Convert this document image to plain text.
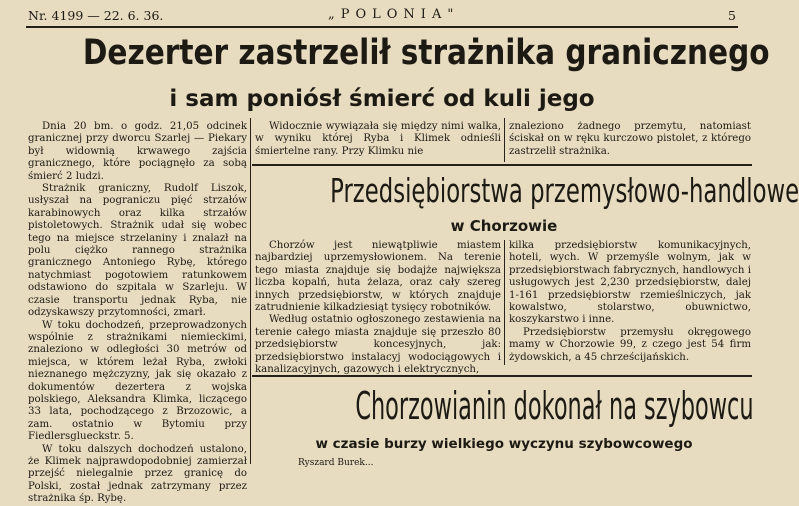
Nr. 4199 — 22. 6. 36.	„POLONIA"	5
Dezerter zastrzelił strażnika granicznego
i sam poniósł śmierć od kuli jego

Dnia 20 bm. o godz. 21,05 odcinek granicznej przy dworcu Szarlej — Piekary był widownią krwawego zajścia granicznego, które pociągnęło za sobą śmierć 2 ludzi.

Strażnik graniczny, Rudolf Liszok, usłyszał na pograniczu pięć strzałów karabinowych oraz kilka strzałów pistoletowych. Strażnik udał się wobec tego na miejsce strzelaniny i znalazł na polu ciężko rannego strażnika granicznego Antoniego Rybę, którego natychmiast pogotowiem ratunkowem odstawiono do szpitala w Szarleju. W czasie transportu jednak Ryba, nie odzyskawszy przytomności, zmarł.

W toku dochodzeń, przeprowadzonych wspólnie z strażnikami niemieckimi, znaleziono w odległości 30 metrów od miejsca, w którem leżał Ryba, zwłoki nieznanego mężczyzny, jak się okazało z dokumentów dezertera z wojska polskiego, Aleksandra Klimka, liczącego 33 lata, pochodzącego z Brzozowic, a zam. ostatnio w Bytomiu przy Fiedlersglueckstr. 5.

W toku dalszych dochodzeń ustalono, że Klimek najprawdopodobniej zamierzał przejść nielegalnie przez granicę do Polski, został jednak zatrzymany przez strażnika śp. Rybę.

Widocznie wywiązała się między nimi walka, w wyniku której Ryba i Klimek odnieśli śmiertelne rany. Przy Klimku nie

znaleziono żadnego przemytu, natomiast ściskał on w ręku kurczowo pistolet, z którego zastrzelił strażnika.

Przedsiębiorstwa przemysłowo-handlowe
w Chorzowie

Chorzów jest niewątpliwie miastem najbardziej uprzemysłowionem. Na terenie tego miasta znajduje się bodajże największa liczba kopalń, huta żelaza, oraz cały szereg innych przedsiębiorstw, w których znajduje zatrudnienie kilkadziesiąt tysięcy robotników.

Według ostatnio ogłoszonego zestawienia na terenie całego miasta znajduje się przeszło 80 przedsiębiorstw koncesyjnych, jak: przedsiębiorstwo instalacyj wodociągowych i kanalizacyjnych, gazowych i elektrycznych,

kilka przedsiębiorstw komunikacyjnych, hoteli, wych. W przemyśle wolnym, jak w przedsiębiorstwach fabrycznych, handlowych i usługowych jest 2,230 przedsiębiorstw, dalej 1-161 przedsiębiorstw rzemieślniczych, jak kowalstwo, stolarstwo, obuwnictwo, koszykarstwo i inne.

Przedsiębiorstw przemysłu okręgowego mamy w Chorzowie 99, z czego jest 54 firm żydowskich, a 45 chrześcijańskich.

Chorzowianin dokonał na szybowcu
w czasie burzy wielkiego wyczynu szybowcowego

Ryszard Burek...
